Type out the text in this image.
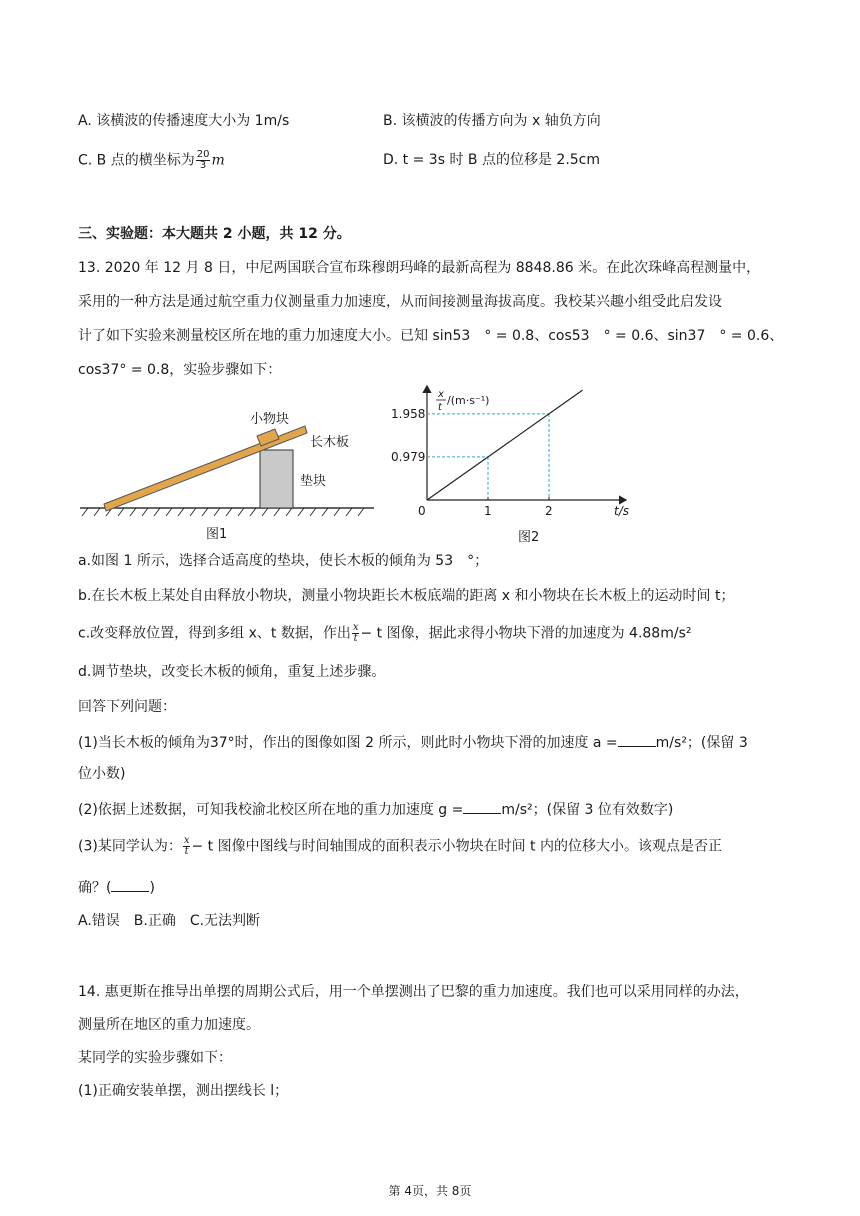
A. 该横波的传播速度大小为 1m/s	B. 该横波的传播方向为 x 轴负方向
C. B 点的横坐标为 $\frac{20}{3}$ m	D. t = 3s 时 B 点的位移是 2.5cm
三、实验题：本大题共 2 小题，共 12 分。
13. 2020 年 12 月 8 日，中尼两国联合宣布珠穆朗玛峰的最新高程为 8848.86 米。在此次珠峰高程测量中，
采用的一种方法是通过航空重力仪测量重力加速度，从而间接测量海拔高度。我校某兴趣小组受此启发设
计了如下实验来测量校区所在地的重力加速度大小。已知 sin53　° = 0.8、cos53　° = 0.6、sin37　° = 0.6、
cos37° = 0.8，实验步骤如下：
小物块
长木板
垫块
图1
x
t
/(m·s⁻¹)
t/s
0	1	2
0.979
1.958
图2
a.如图 1 所示，选择合适高度的垫块，使长木板的倾角为 53　°；
b.在长木板上某处自由释放小物块，测量小物块距长木板底端的距离 x 和小物块在长木板上的运动时间 t；
c.改变释放位置，得到多组 x、t 数据，作出 $\frac{x}{t} - t$ 图像，据此求得小物块下滑的加速度为 4.88m/s²
d.调节垫块，改变长木板的倾角，重复上述步骤。
回答下列问题：
(1)当长木板的倾角为37°时，作出的图像如图 2 所示，则此时小物块下滑的加速度 a =	m/s²；(保留 3
位小数)
(2)依据上述数据，可知我校渝北校区所在地的重力加速度 g =	m/s²；(保留 3 位有效数字)
(3)某同学认为： $\frac{x}{t} - t$ 图像中图线与时间轴围成的面积表示小物块在时间 t 内的位移大小。该观点是否正
确？(	)
A.错误　B.正确　C.无法判断
14. 惠更斯在推导出单摆的周期公式后，用一个单摆测出了巴黎的重力加速度。我们也可以采用同样的办法，
测量所在地区的重力加速度。
某同学的实验步骤如下：
(1)正确安装单摆，测出摆线长 l；
第 4页，共 8页
